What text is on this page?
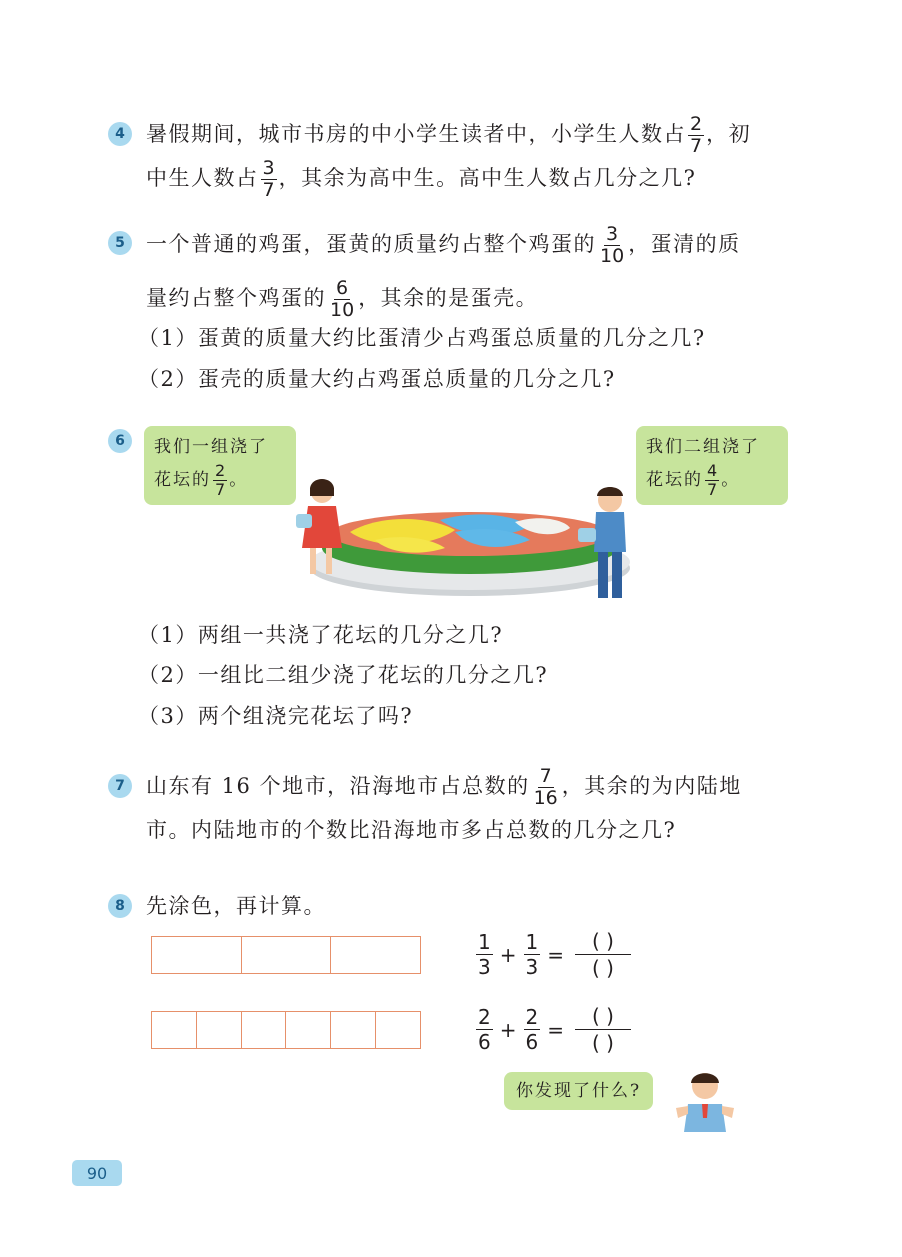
4	暑假期间，城市书房的中小学生读者中，小学生人数占 $\frac{2}{7}$ ，初
中生人数占 $\frac{3}{7}$ ，其余为高中生。高中生人数占几分之几?
5	一个普通的鸡蛋，蛋黄的质量约占整个鸡蛋的 $\frac{3}{10}$ ，蛋清的质
量约占整个鸡蛋的 $\frac{6}{10}$ ，其余的是蛋壳。
（1）蛋黄的质量大约比蛋清少占鸡蛋总质量的几分之几?
（2）蛋壳的质量大约占鸡蛋总质量的几分之几?
6	我们一组浇了
花坛的 $\frac{2}{7}$ 。
我们二组浇了
花坛的 $\frac{4}{7}$ 。
（1）两组一共浇了花坛的几分之几?
（2）一组比二组少浇了花坛的几分之几?
（3）两个组浇完花坛了吗?
7	山东有 16 个地市，沿海地市占总数的 $\frac{7}{16}$ ，其余的为内陆地
市。内陆地市的个数比沿海地市多占总数的几分之几?
8	先涂色，再计算。
$\frac{1}{3} + \frac{1}{3}$ =
( )
( )
$\frac{2}{6} + \frac{2}{6}$ =
( )
( )
你发现了什么?
90
